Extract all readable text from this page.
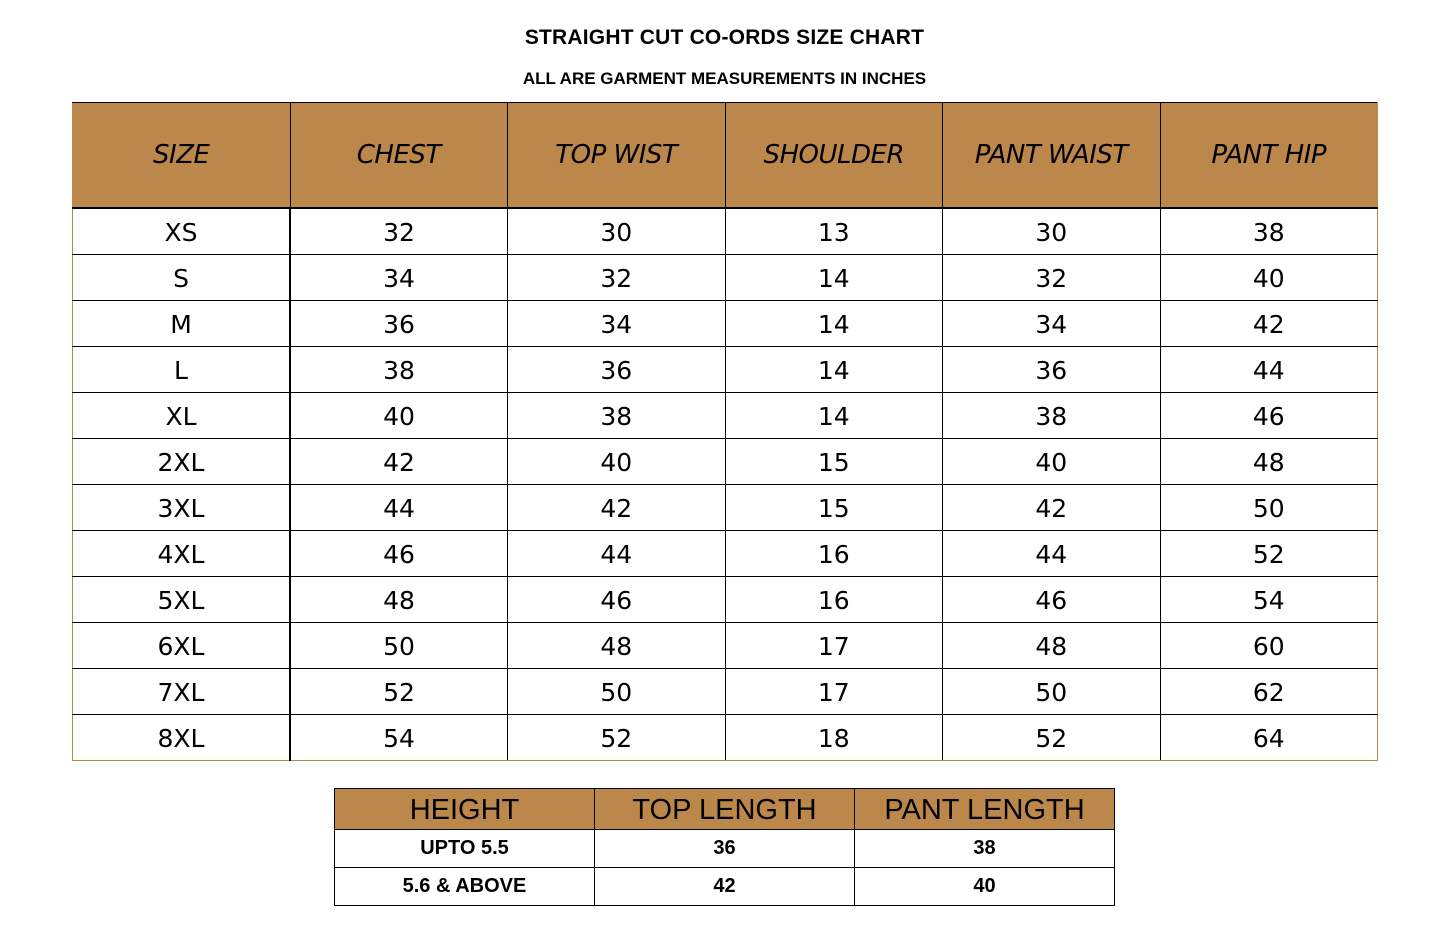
STRAIGHT CUT CO-ORDS SIZE CHART
ALL ARE GARMENT MEASUREMENTS IN INCHES
SIZE	CHEST	TOP WIST	SHOULDER	PANT WAIST	PANT HIP
XS	32	30	13	30	38
S	34	32	14	32	40
M	36	34	14	34	42
L	38	36	14	36	44
XL	40	38	14	38	46
2XL	42	40	15	40	48
3XL	44	42	15	42	50
4XL	46	44	16	44	52
5XL	48	46	16	46	54
6XL	50	48	17	48	60
7XL	52	50	17	50	62
8XL	54	52	18	52	64
HEIGHT	TOP LENGTH	PANT LENGTH
UPTO 5.5	36	38
5.6 & ABOVE	42	40
